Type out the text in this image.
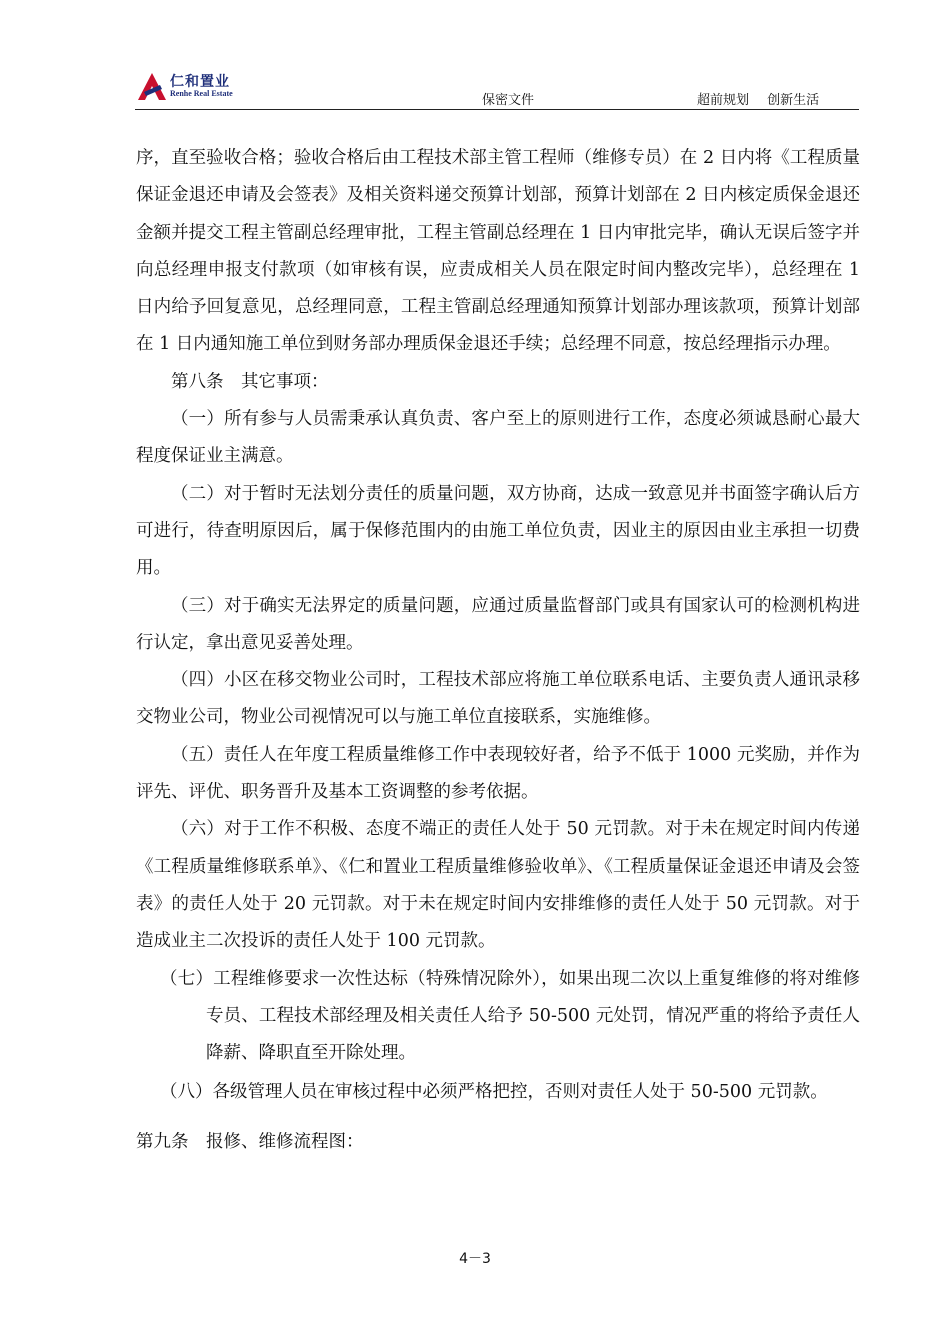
仁和置业
Renhe Real Estate	保密文件	超前规划 创新生活

序，直至验收合格；验收合格后由工程技术部主管工程师（维修专员）在 2 日内将《工程质量保证金退还申请及会签表》及相关资料递交预算计划部，预算计划部在 2 日内核定质保金退还金额并提交工程主管副总经理审批，工程主管副总经理在 1 日内审批完毕，确认无误后签字并向总经理申报支付款项（如审核有误，应责成相关人员在限定时间内整改完毕），总经理在 1 日内给予回复意见，总经理同意，工程主管副总经理通知预算计划部办理该款项，预算计划部在 1 日内通知施工单位到财务部办理质保金退还手续；总经理不同意，按总经理指示办理。

第八条　其它事项：

（一）所有参与人员需秉承认真负责、客户至上的原则进行工作，态度必须诚恳耐心最大程度保证业主满意。

（二）对于暂时无法划分责任的质量问题，双方协商，达成一致意见并书面签字确认后方可进行，待查明原因后，属于保修范围内的由施工单位负责，因业主的原因由业主承担一切费用。

（三）对于确实无法界定的质量问题，应通过质量监督部门或具有国家认可的检测机构进行认定，拿出意见妥善处理。

（四）小区在移交物业公司时，工程技术部应将施工单位联系电话、主要负责人通讯录移交物业公司，物业公司视情况可以与施工单位直接联系，实施维修。

（五）责任人在年度工程质量维修工作中表现较好者，给予不低于 1000 元奖励，并作为评先、评优、职务晋升及基本工资调整的参考依据。

（六）对于工作不积极、态度不端正的责任人处于 50 元罚款。对于未在规定时间内传递《工程质量维修联系单》、《仁和置业工程质量维修验收单》、《工程质量保证金退还申请及会签表》的责任人处于 20 元罚款。对于未在规定时间内安排维修的责任人处于 50 元罚款。对于造成业主二次投诉的责任人处于 100 元罚款。

（七）工程维修要求一次性达标（特殊情况除外），如果出现二次以上重复维修的将对维修专员、工程技术部经理及相关责任人给予 50-500 元处罚，情况严重的将给予责任人降薪、降职直至开除处理。

（八）各级管理人员在审核过程中必须严格把控，否则对责任人处于 50-500 元罚款。

第九条　报修、维修流程图：

4－3
